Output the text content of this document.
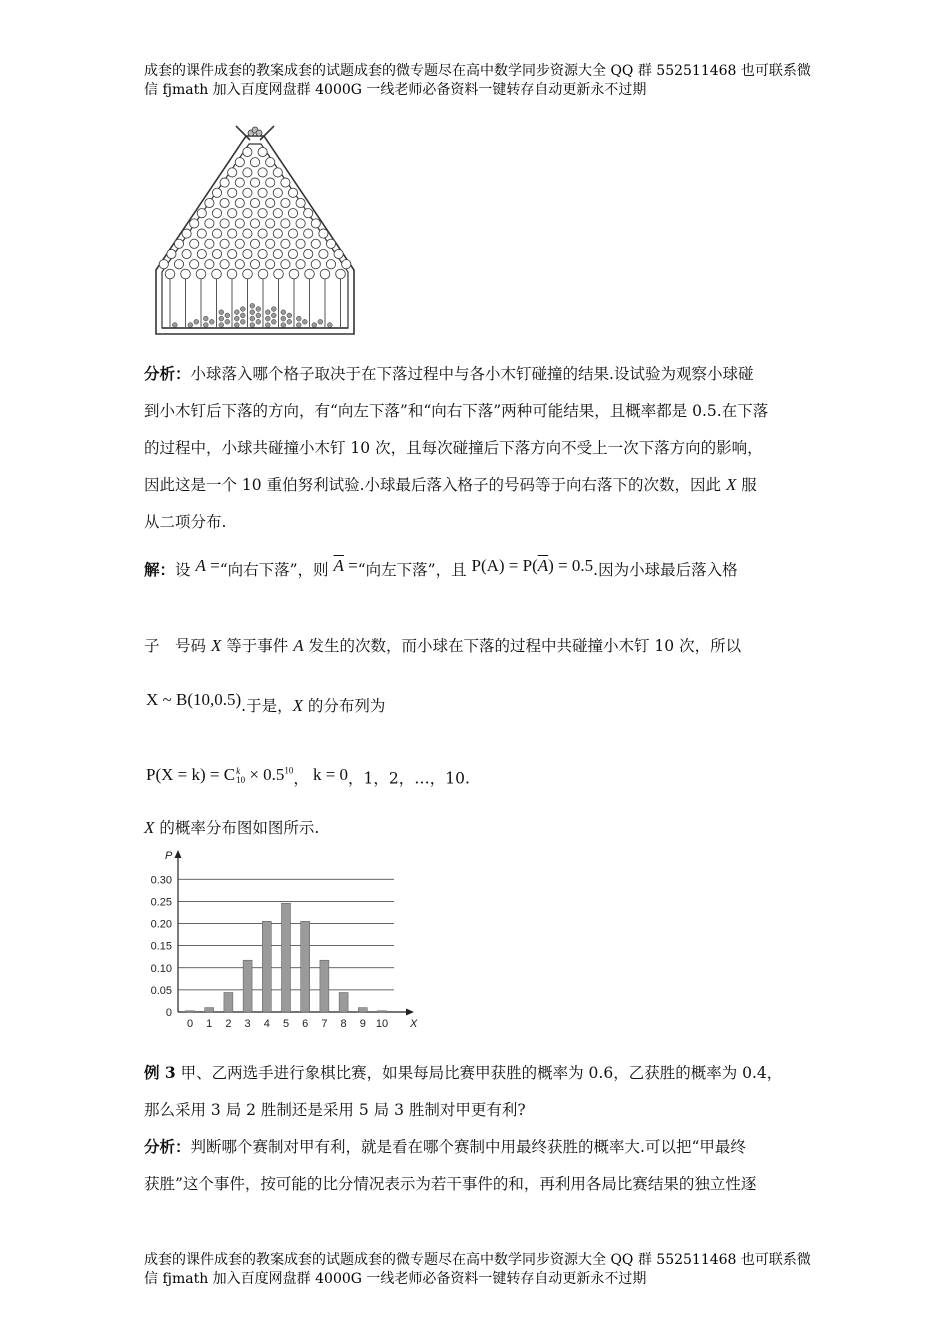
成套的课件成套的教案成套的试题成套的微专题尽在高中数学同步资源大全 QQ 群 552511468 也可联系微
信 fjmath 加入百度网盘群 4000G 一线老师必备资料一键转存自动更新永不过期
分析：小球落入哪个格子取决于在下落过程中与各小木钉碰撞的结果.设试验为观察小球碰
到小木钉后下落的方向，有“向左下落”和“向右下落”两种可能结果，且概率都是 0.5.在下落
的过程中，小球共碰撞小木钉 10 次，且每次碰撞后下落方向不受上一次下落方向的影响，
因此这是一个 10 重伯努利试验.小球最后落入格子的号码等于向右落下的次数，因此 X 服
从二项分布.
解：设 A =“向右下落”，则 $\overline{A}$ =“向左下落”，且 $P(A) = P(\overline{A}) = 0.5$.因为小球最后落入格
子　号码 X 等于事件 A 发生的次数，而小球在下落的过程中共碰撞小木钉 10 次，所以
X ~ B(10,0.5).于是，X 的分布列为
P(X = k) = C k
$10 \times 0.5^{10}$， k = 0，1，2，…，10.
X 的概率分布图如图所示.
0
0.05
0.10
0.15
0.20
0.25
0.30
0 1 2 3 4 5 6 7 8 9 10
P
X
例 3 甲、乙两选手进行象棋比赛，如果每局比赛甲获胜的概率为 0.6，乙获胜的概率为 0.4，
那么采用 3 局 2 胜制还是采用 5 局 3 胜制对甲更有利?
分析：判断哪个赛制对甲有利，就是看在哪个赛制中用最终获胜的概率大.可以把“甲最终
获胜”这个事件，按可能的比分情况表示为若干事件的和，再利用各局比赛结果的独立性逐
成套的课件成套的教案成套的试题成套的微专题尽在高中数学同步资源大全 QQ 群 552511468 也可联系微
信 fjmath 加入百度网盘群 4000G 一线老师必备资料一键转存自动更新永不过期
